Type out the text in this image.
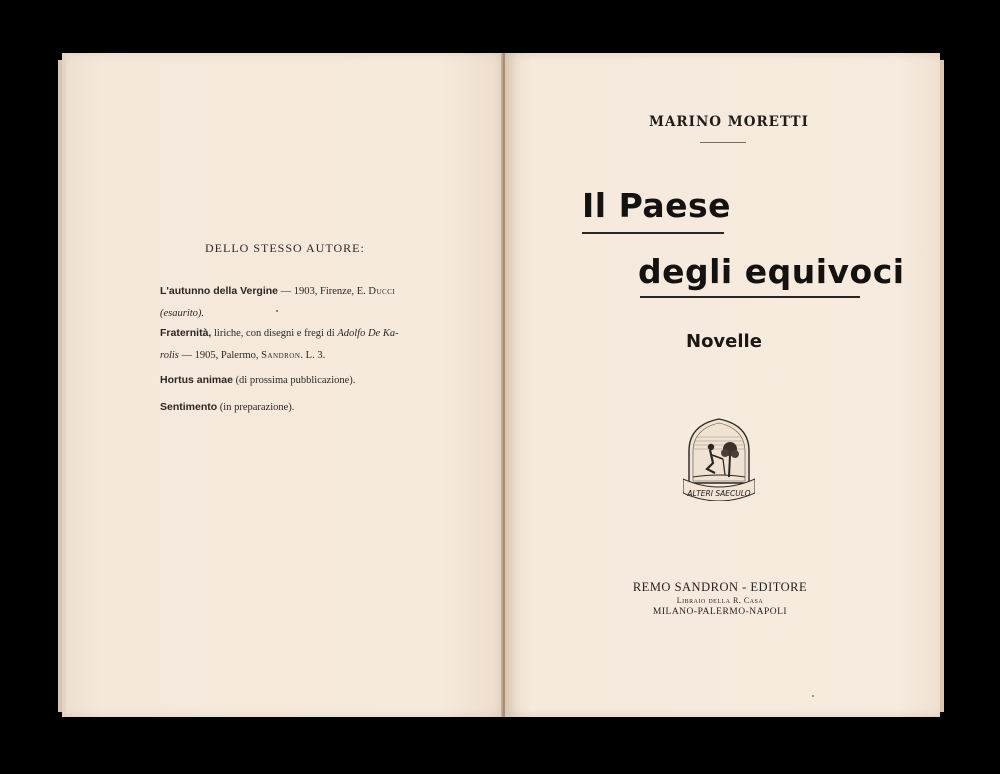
DELLO STESSO AUTORE:
L'autunno della Vergine — 1903, Firenze, E. Ducci
(esaurito).
Fraternità, liriche, con disegni e fregi di Adolfo De Ka-
rolis — 1905, Palermo, Sandron. L. 3.
Hortus animae (di prossima pubblicazione).
Sentimento (in preparazione).
MARINO MORETTI
Il Paese
degli equivoci
Novelle
ALTERI SAECULO
REMO SANDRON - EDITORE
Libraio della R. Casa
MILANO-PALERMO-NAPOLI
